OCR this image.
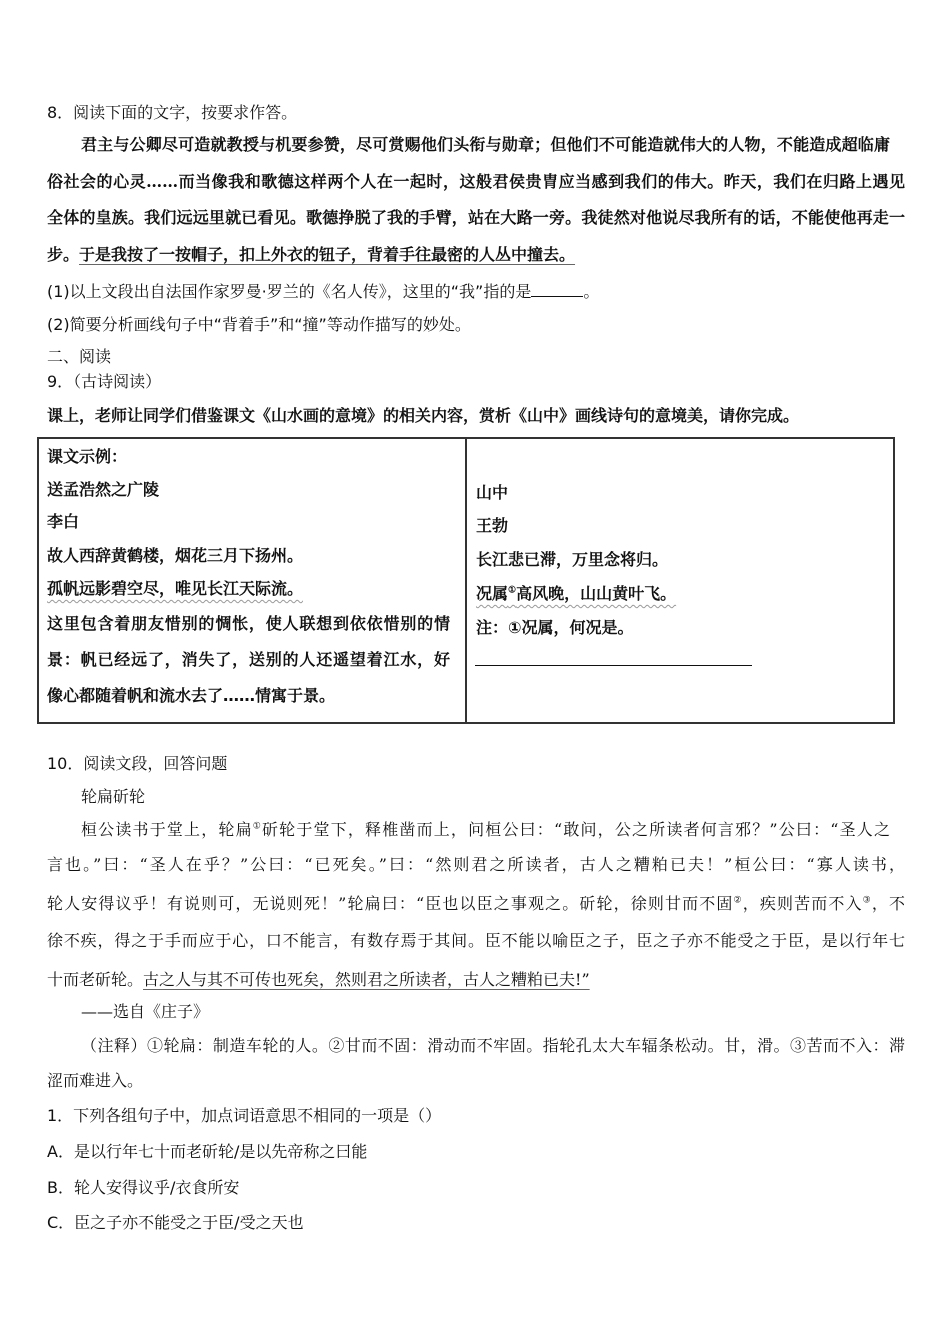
8．阅读下面的文字，按要求作答。
君主与公卿尽可造就教授与机要参赞，尽可赏赐他们头衔与勋章；但他们不可能造就伟大的人物，不能造成超临庸
俗社会的心灵……而当像我和歌德这样两个人在一起时，这般君侯贵胄应当感到我们的伟大。昨天，我们在归路上遇见
全体的皇族。我们远远里就已看见。歌德挣脱了我的手臂，站在大路一旁。我徒然对他说尽我所有的话，不能使他再走一
步。于是我按了一按帽子，扣上外衣的钮子，背着手往最密的人丛中撞去。
(1)以上文段出自法国作家罗曼·罗兰的《名人传》，这里的“我”指的是	。
(2)简要分析画线句子中“背着手”和“撞”等动作描写的妙处。
二、阅读
9．（古诗阅读）
课上，老师让同学们借鉴课文《山水画的意境》的相关内容，赏析《山中》画线诗句的意境美，请你完成。
课文示例：
送孟浩然之广陵
李白
故人西辞黄鹤楼，烟花三月下扬州。
孤帆远影碧空尽，唯见长江天际流。
这里包含着朋友惜别的惆怅，使人联想到依依惜别的情
景：帆已经远了，消失了，送别的人还遥望着江水，好
像心都随着帆和流水去了……情寓于景。
山中
王勃
长江悲已滞，万里念将归。
况属①高风晚，山山黄叶飞。
注：①况属，何况是。
10．阅读文段，回答问题
轮扁斫轮
桓公读书于堂上，轮扁①斫轮于堂下，释椎凿而上，问桓公曰：“敢问，公之所读者何言邪？”公曰：“圣人之
言也。”曰：“圣人在乎？”公曰：“已死矣。”曰：“然则君之所读者，古人之糟粕已夫！”桓公曰：“寡人读书，
轮人安得议乎！有说则可，无说则死！”轮扁曰：“臣也以臣之事观之。斫轮，徐则甘而不固②，疾则苦而不入③，不
徐不疾，得之于手而应于心，口不能言，有数存焉于其间。臣不能以喻臣之子，臣之子亦不能受之于臣，是以行年七
十而老斫轮。古之人与其不可传也死矣，然则君之所读者，古人之糟粕已夫!”
——选自《庄子》
（注释）①轮扁：制造车轮的人。②甘而不固：滑动而不牢固。指轮孔太大车辐条松动。甘，滑。③苦而不入：滞
涩而难进入。
1．下列各组句子中，加点词语意思不相同的一项是（）
A．是以行年七十而老斫轮/是以先帝称之曰能
B．轮人安得议乎/衣食所安
C．臣之子亦不能受之于臣/受之天也
